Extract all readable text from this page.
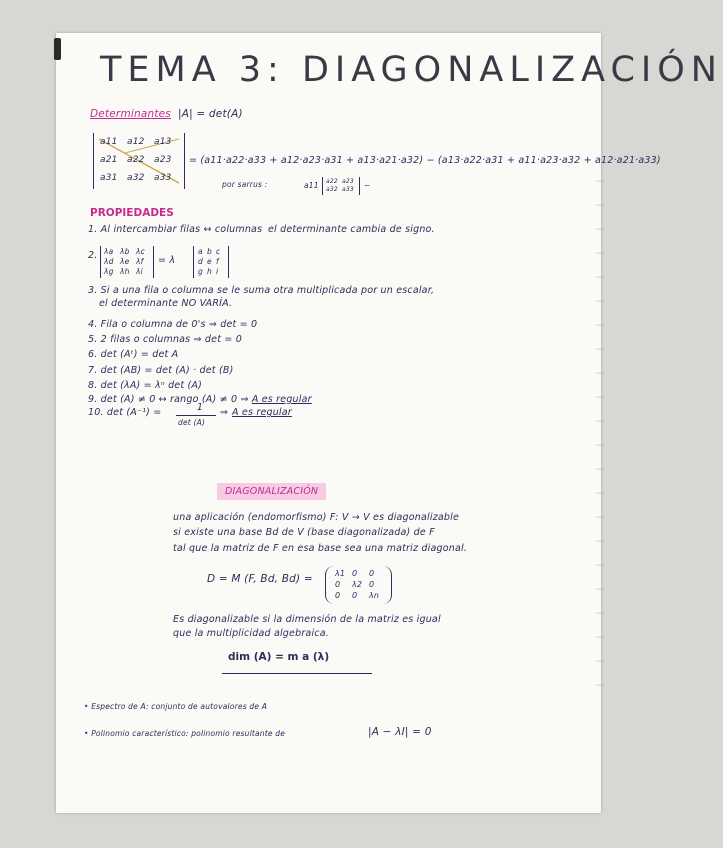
TEMA 3: DIAGONALIZACIÓN
Determinantes |A| = det(A)
a11 a12 a13
a21 a22 a23
a31 a32 a33
= (a11·a22·a33 + a12·a23·a31 + a13·a21·a32) − (a13·a22·a31 + a11·a23·a32 + a12·a21·a33)
por sarrus :	a11 a22 a23
a32 a33 −
PROPIEDADES
1. Al intercambiar filas ↔ columnas el determinante cambia de signo.
2. λa λb λc
λd λe λf
λg λh λi
= λ
a b c
d e f
g h i
3. Si a una fila o columna se le suma otra multiplicada por un escalar,
el determinante NO VARÍA.
4. Fila o columna de 0's ⇒ det = 0
5. 2 filas o columnas ⇒ det = 0
6. det (Aᵗ) = det A
7. det (AB) = det (A) · det (B)
8. det (λA) = λⁿ det (A)
9. det (A) ≠ 0 ↔ rango (A) ≠ 0 ⇒ A es regular
10. det (A⁻¹) =	1
det (A)
⇒ A es regular
DIAGONALIZACIÓN
una aplicación (endomorfismo) F: V → V es diagonalizable
si existe una base Bd de V (base diagonalizada) de F
tal que la matriz de F en esa base sea una matriz diagonal.
D = M (F, Bd, Bd) =	λ1 0 0
0 λ2 0
0 0 λn
Es diagonalizable si la dimensión de la matriz es igual
que la multiplicidad algebraica.
dim (A) = m a (λ)
• Espectro de A: conjunto de autovalores de A
• Polinomio característico: polinomio resultante de	|A − λI| = 0
